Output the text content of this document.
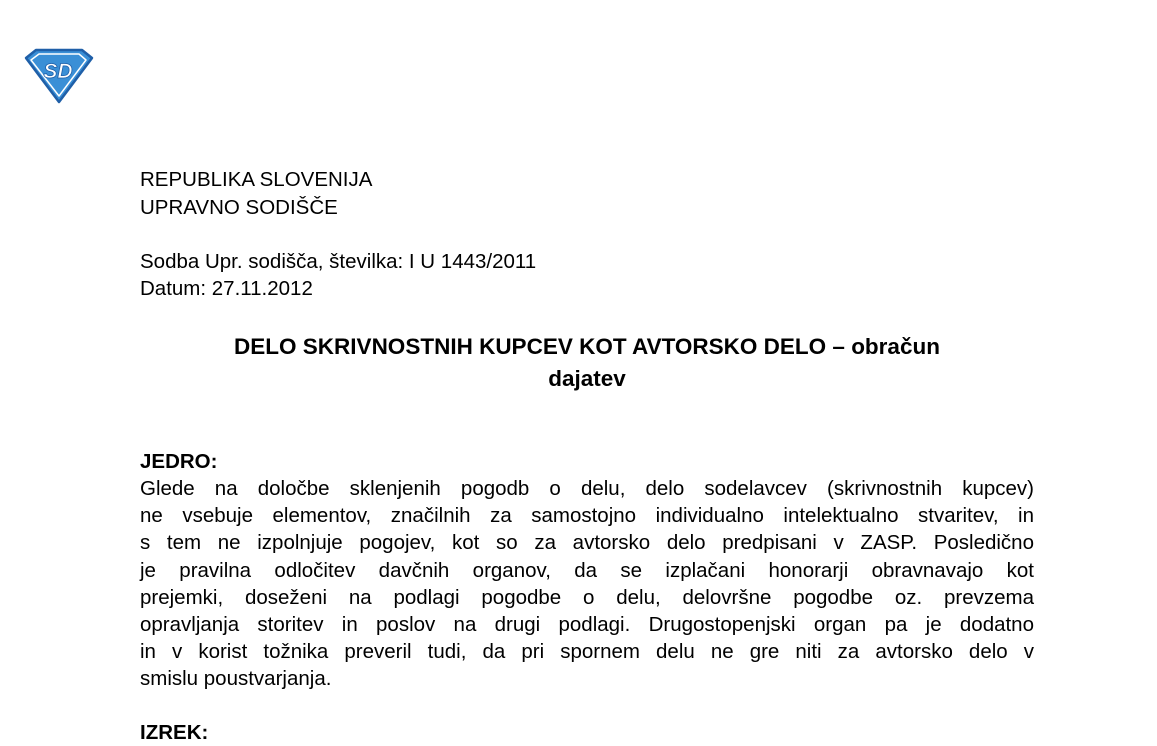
SD
REPUBLIKA SLOVENIJA
UPRAVNO SODIŠČE
Sodba Upr. sodišča, številka: I U 1443/2011
Datum: 27.11.2012
DELO SKRIVNOSTNIH KUPCEV KOT AVTORSKO DELO – obračun
dajatev
JEDRO:
Glede na določbe sklenjenih pogodb o delu, delo sodelavcev (skrivnostnih kupcev)
ne vsebuje elementov, značilnih za samostojno individualno intelektualno stvaritev, in
s tem ne izpolnjuje pogojev, kot so za avtorsko delo predpisani v ZASP. Posledično
je pravilna odločitev davčnih organov, da se izplačani honorarji obravnavajo kot
prejemki, doseženi na podlagi pogodbe o delu, delovršne pogodbe oz. prevzema
opravljanja storitev in poslov na drugi podlagi. Drugostopenjski organ pa je dodatno
in v korist tožnika preveril tudi, da pri spornem delu ne gre niti za avtorsko delo v
smislu poustvarjanja.
IZREK:
